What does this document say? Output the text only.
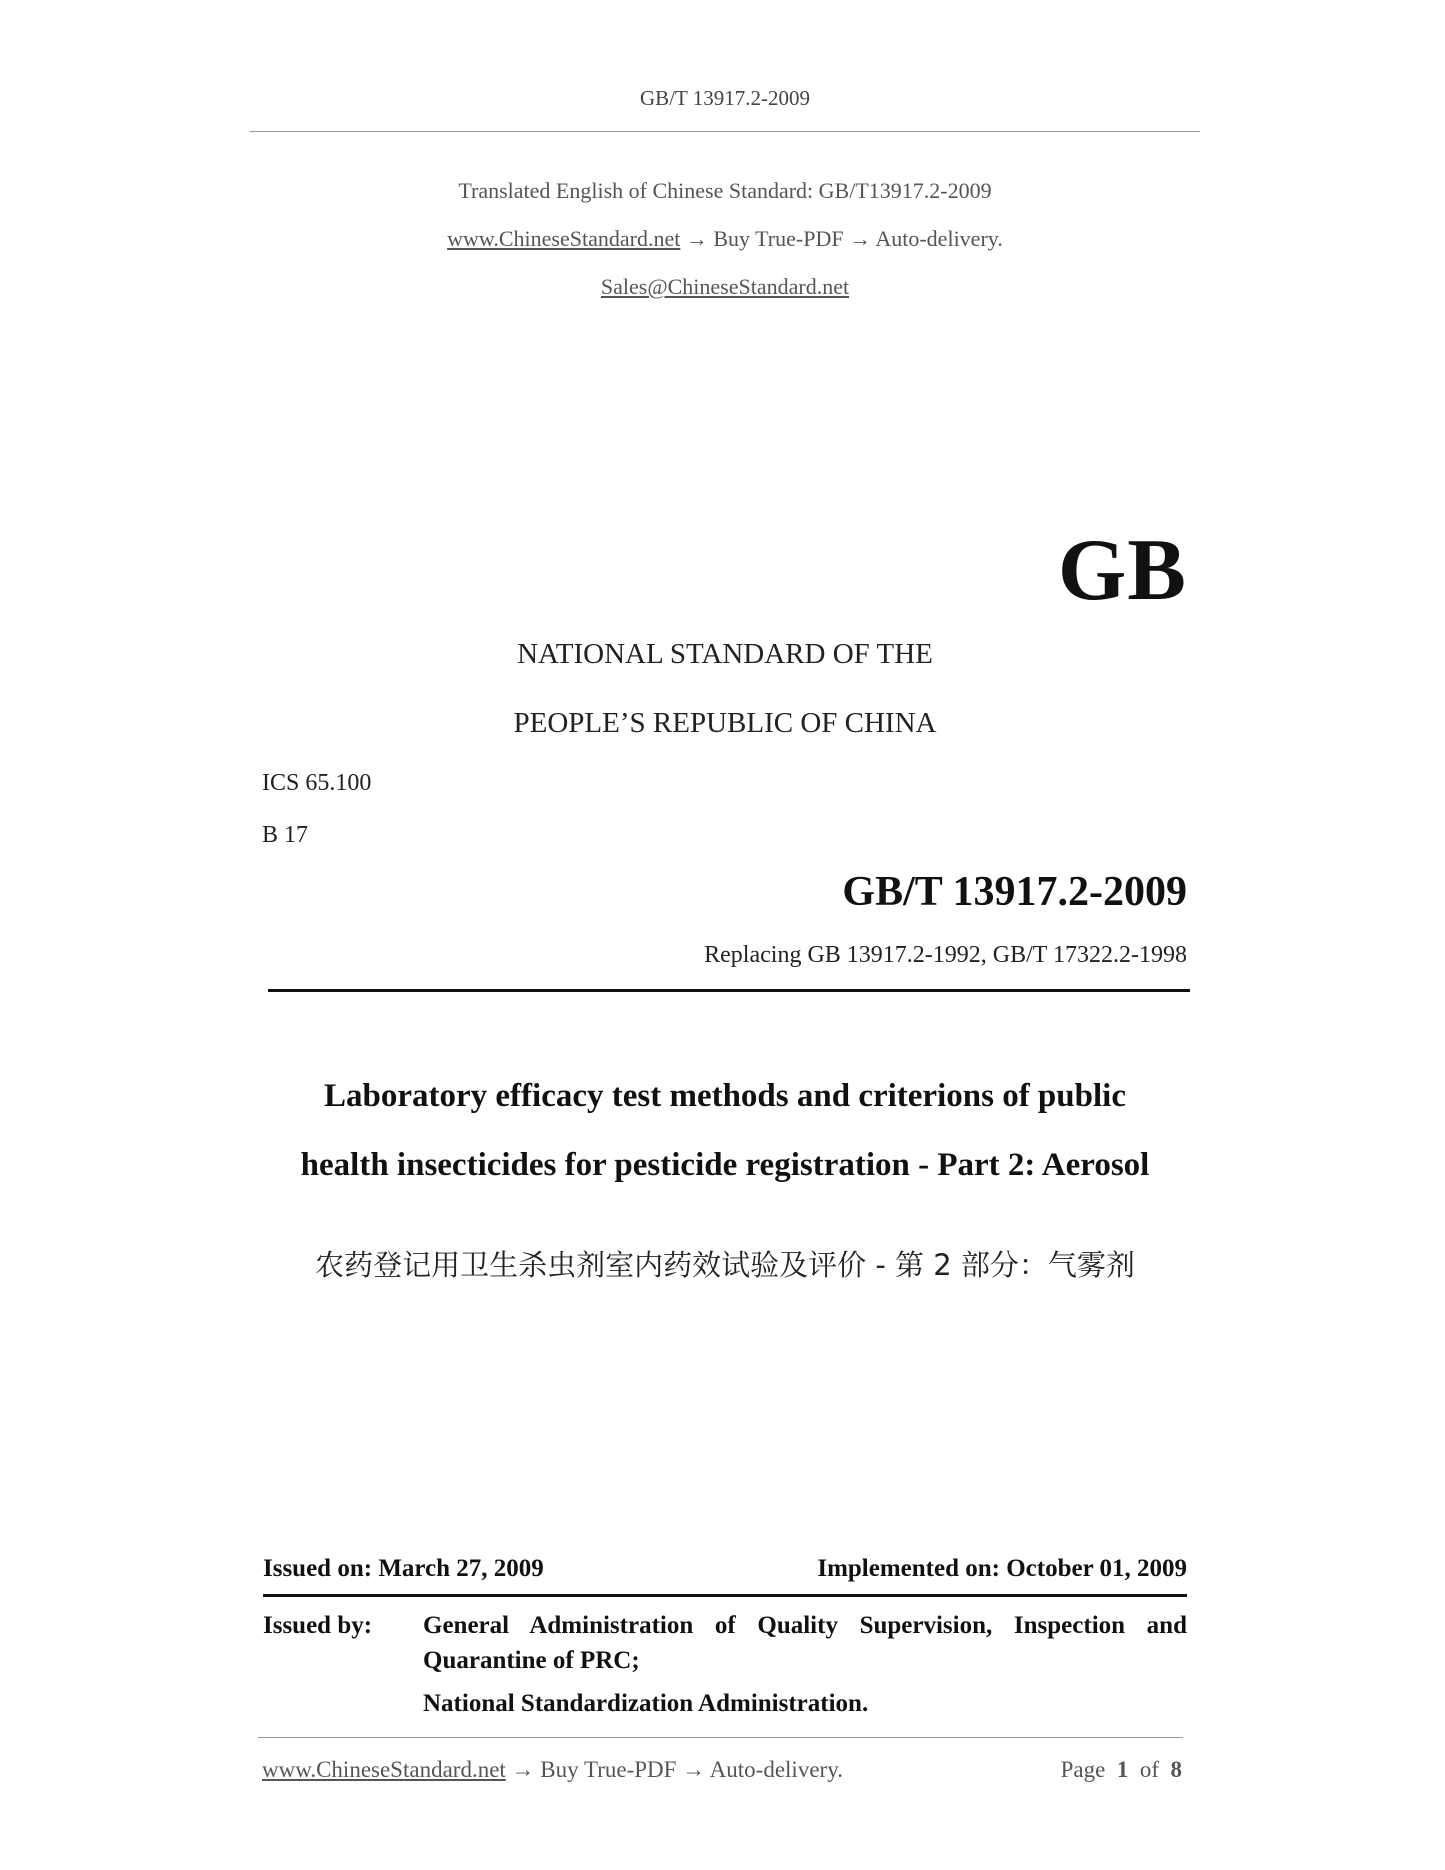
GB/T 13917.2-2009
Translated English of Chinese Standard: GB/T13917.2-2009
www.ChineseStandard.net → Buy True-PDF → Auto-delivery.
Sales@ChineseStandard.net
GB
NATIONAL STANDARD OF THE
PEOPLE’S REPUBLIC OF CHINA
ICS 65.100
B 17
GB/T 13917.2-2009
Replacing GB 13917.2-1992, GB/T 17322.2-1998
Laboratory efficacy test methods and criterions of public
health insecticides for pesticide registration - Part 2: Aerosol
农药登记用卫生杀虫剂室内药效试验及评价 - 第 2 部分：气雾剂
Issued on: March 27, 2009	Implemented on: October 01, 2009
Issued by: General Administration of Quality Supervision, Inspection and
Quarantine of PRC;
National Standardization Administration.
www.ChineseStandard.net → Buy True-PDF → Auto-delivery.	Page 1 of 8
